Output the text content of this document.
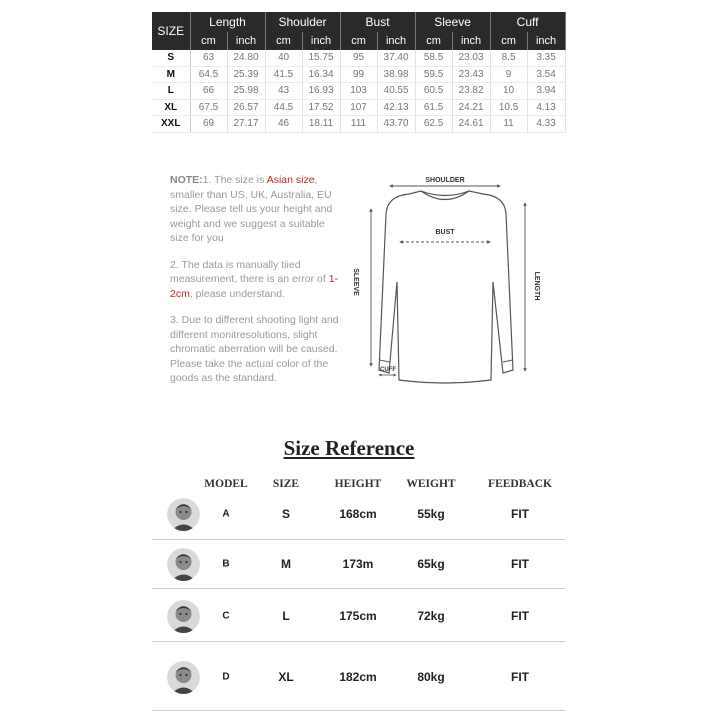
SIZE	Length		Shoulder		Bust		Sleeve		Cuff	
	cm	inch	cm	inch	cm	inch	cm	inch	cm	inch
S	63	24.80	40	15.75	95	37.40	58.5	23.03	8.5	3.35
M	64.5	25.39	41.5	16.34	99	38.98	59.5	23.43	9	3.54
L	66	25.98	43	16.93	103	40.55	60.5	23.82	10	3.94
XL	67.5	26.57	44.5	17.52	107	42.13	61.5	24.21	10.5	4.13
XXL	69	27.17	46	18.11	111	43.70	62.5	24.61	11	4.33

NOTE:1. The size is Asian size, smaller than US, UK, Australia, EU size. Please tell us your height and weight and we suggest a suitable size for you

2. The data is manually tiied measurement, there is an error of 1-2cm, please understand.

3. Due to different shooting light and different monitresolutions, slight chromatic aberration will be caused. Please take the actual color of the goods as the standard.

SHOULDER
BUST
SLEEVE	LENGTH
CUFF
Size Reference
MODEL SIZE	HEIGHT WEIGHT	FEEDBACK
A	S	168cm	55kg	FIT
B	M	173m	65kg	FIT
C	L	175cm	72kg	FIT
D	XL	182cm	80kg	FIT
